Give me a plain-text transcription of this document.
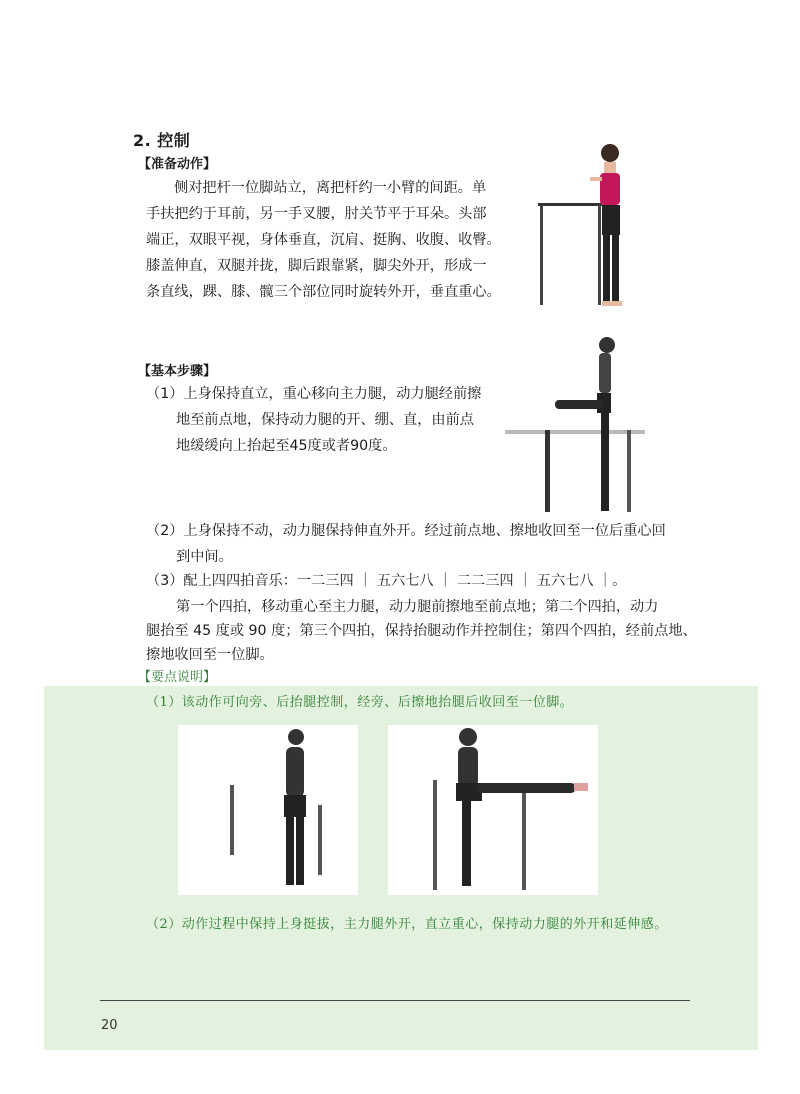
2. 控制
【准备动作】
侧对把杆一位脚站立，离把杆约一小臂的间距。单
手扶把约于耳前，另一手叉腰，肘关节平于耳朵。头部
端正，双眼平视，身体垂直，沉肩、挺胸、收腹、收臀。
膝盖伸直，双腿并拢，脚后跟靠紧，脚尖外开，形成一
条直线，踝、膝、髋三个部位同时旋转外开，垂直重心。
【基本步骤】
（1）上身保持直立，重心移向主力腿，动力腿经前擦
地至前点地，保持动力腿的开、绷、直，由前点
地缓缓向上抬起至45度或者90度。
（2）上身保持不动，动力腿保持伸直外开。经过前点地、擦地收回至一位后重心回
到中间。
（3）配上四四拍音乐：一二三四 ｜ 五六七八 ｜ 二二三四 ｜ 五六七八 ｜。
第一个四拍，移动重心至主力腿，动力腿前擦地至前点地；第二个四拍，动力
腿抬至 45 度或 90 度；第三个四拍，保持抬腿动作并控制住；第四个四拍，经前点地、
擦地收回至一位脚。
【要点说明】
（1）该动作可向旁、后抬腿控制，经旁、后擦地抬腿后收回至一位脚。
（2）动作过程中保持上身挺拔，主力腿外开，直立重心，保持动力腿的外开和延伸感。
20
